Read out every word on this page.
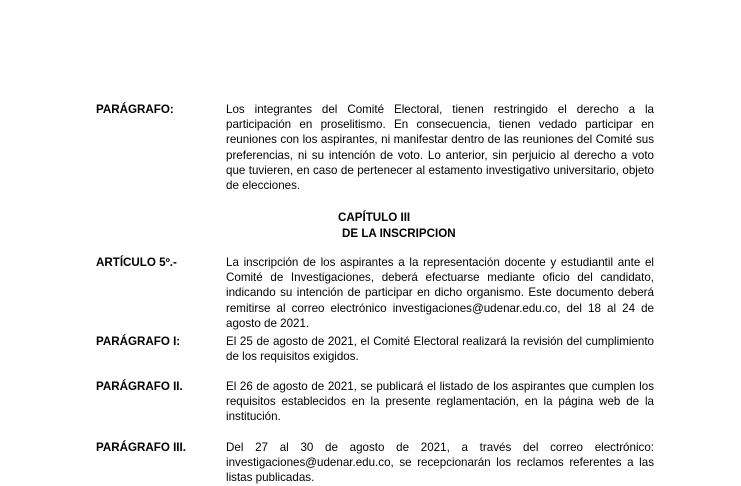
PARÁGRAFO:	Los integrantes del Comité Electoral, tienen restringido el derecho a la participación en proselitismo. En consecuencia, tienen vedado participar en reuniones con los aspirantes, ni manifestar dentro de las reuniones del Comité sus preferencias, ni su intención de voto. Lo anterior, sin perjuicio al derecho a voto que tuvieren, en caso de pertenecer al estamento investigativo universitario, objeto de elecciones.
CAPÍTULO III
DE LA INSCRIPCION
ARTÍCULO 5º.-	La inscripción de los aspirantes a la representación docente y estudiantil ante el Comité de Investigaciones, deberá efectuarse mediante oficio del candidato, indicando su intención de participar en dicho organismo. Este documento deberá remitirse al correo electrónico investigaciones@udenar.edu.co, del 18 al 24 de agosto de 2021.
PARÁGRAFO I:	El 25 de agosto de 2021, el Comité Electoral realizará la revisión del cumplimiento de los requisitos exigidos.
PARÁGRAFO II.	El 26 de agosto de 2021, se publicará el listado de los aspirantes que cumplen los requisitos establecidos en la presente reglamentación, en la página web de la institución.
PARÁGRAFO III.	Del 27 al 30 de agosto de 2021, a través del correo electrónico: investigaciones@udenar.edu.co, se recepcionarán los reclamos referentes a las listas publicadas.
